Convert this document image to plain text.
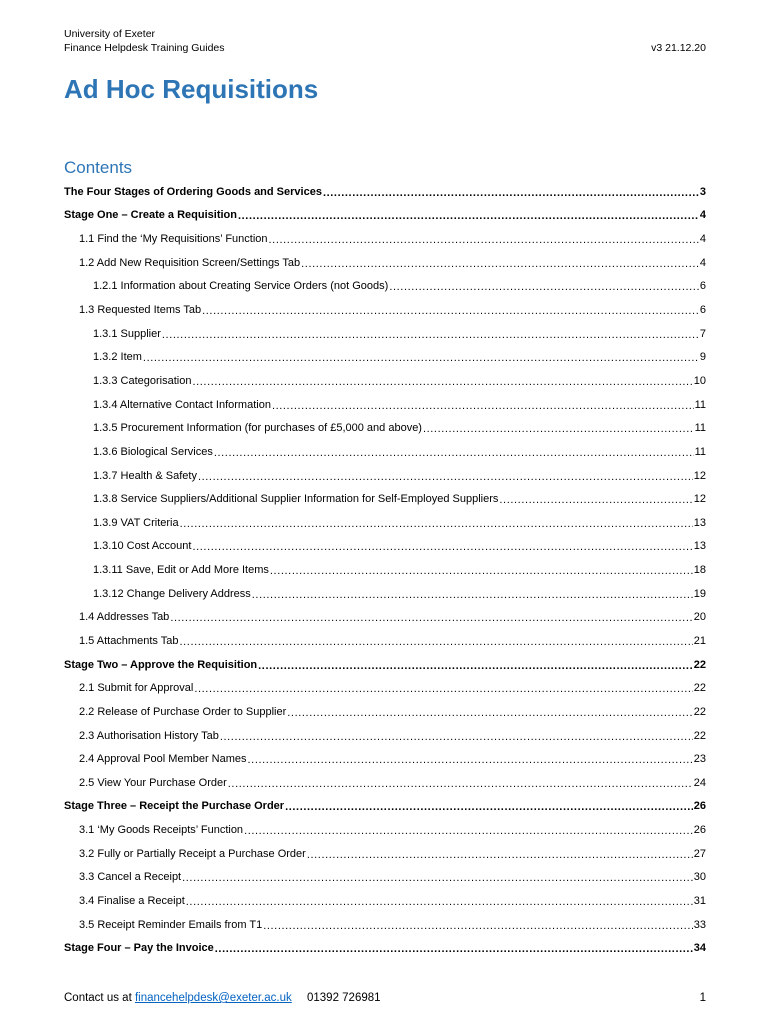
University of Exeter
Finance Helpdesk Training Guides	v3 21.12.20
Ad Hoc Requisitions
Contents
The Four Stages of Ordering Goods and Services .....	3
Stage One – Create a Requisition .....	4
1.1 Find the ‘My Requisitions’ Function .....	4
1.2 Add New Requisition Screen/Settings Tab .....	4
1.2.1 Information about Creating Service Orders (not Goods) .....	6
1.3 Requested Items Tab .....	6
1.3.1 Supplier .....	7
1.3.2 Item .....	9
1.3.3 Categorisation .....	10
1.3.4 Alternative Contact Information .....	11
1.3.5 Procurement Information (for purchases of £5,000 and above) .....	11
1.3.6 Biological Services .....	11
1.3.7 Health & Safety .....	12
1.3.8 Service Suppliers/Additional Supplier Information for Self-Employed Suppliers .....	12
1.3.9 VAT Criteria .....	13
1.3.10 Cost Account .....	13
1.3.11 Save, Edit or Add More Items .....	18
1.3.12 Change Delivery Address .....	19
1.4 Addresses Tab .....	20
1.5 Attachments Tab .....	21
Stage Two – Approve the Requisition .....	22
2.1 Submit for Approval .....	22
2.2 Release of Purchase Order to Supplier .....	22
2.3 Authorisation History Tab .....	22
2.4 Approval Pool Member Names .....	23
2.5 View Your Purchase Order .....	24
Stage Three – Receipt the Purchase Order .....	26
3.1 ‘My Goods Receipts’ Function .....	26
3.2 Fully or Partially Receipt a Purchase Order .....	27
3.3 Cancel a Receipt .....	30
3.4 Finalise a Receipt .....	31
3.5 Receipt Reminder Emails from T1 .....	33
Stage Four – Pay the Invoice .....	34
Contact us at financehelpdesk@exeter.ac.uk 01392 726981	1
